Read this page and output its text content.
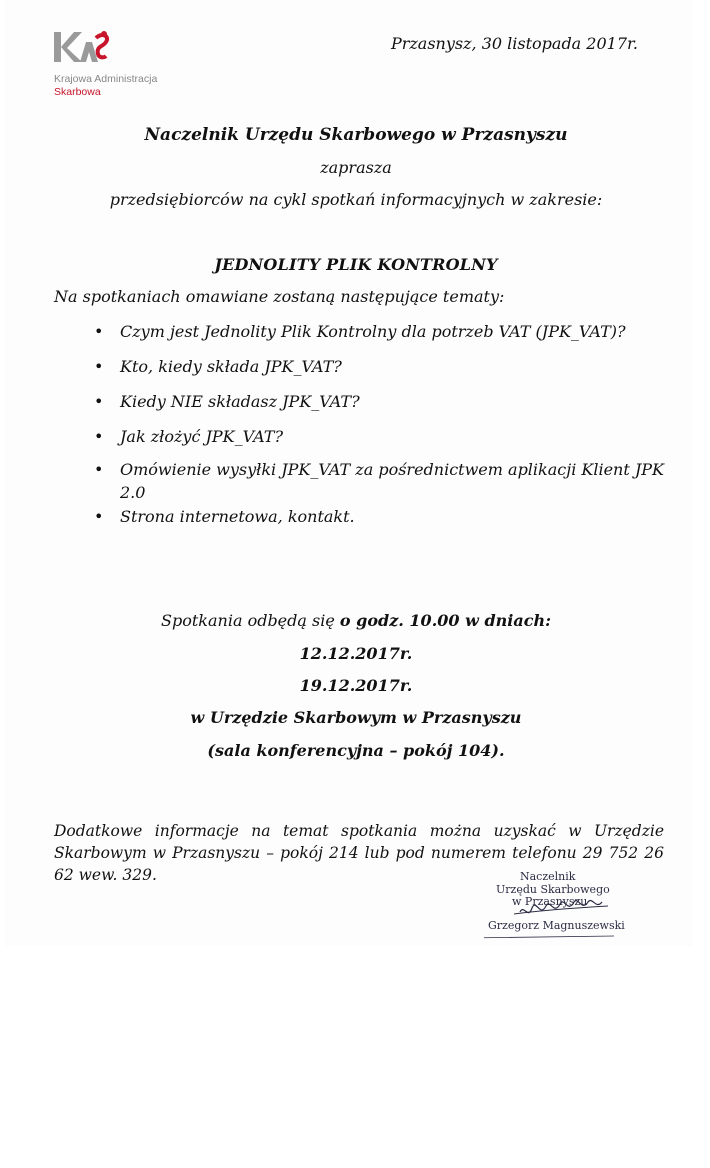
Krajowa Administracja
Skarbowa
Przasnysz, 30 listopada 2017r.
Naczelnik Urzędu Skarbowego w Przasnyszu
zaprasza
przedsiębiorców na cykl spotkań informacyjnych w zakresie:
JEDNOLITY PLIK KONTROLNY
Na spotkaniach omawiane zostaną następujące tematy:
• Czym jest Jednolity Plik Kontrolny dla potrzeb VAT (JPK_VAT)?
• Kto, kiedy składa JPK_VAT?
• Kiedy NIE składasz JPK_VAT?
• Jak złożyć JPK_VAT?
• Omówienie wysyłki JPK_VAT za pośrednictwem aplikacji Klient JPK 2.0
• Strona internetowa, kontakt.
Spotkania odbędą się o godz. 10.00 w dniach:
12.12.2017r.
19.12.2017r.
w Urzędzie Skarbowym w Przasnyszu
(sala konferencyjna – pokój 104).
Dodatkowe informacje na temat spotkania można uzyskać w Urzędzie Skarbowym w Przasnyszu – pokój 214 lub pod numerem telefonu 29 752 26 62 wew. 329.	Naczelnik
Urzędu Skarbowego
w Przasnyszu
Grzegorz Magnuszewski
